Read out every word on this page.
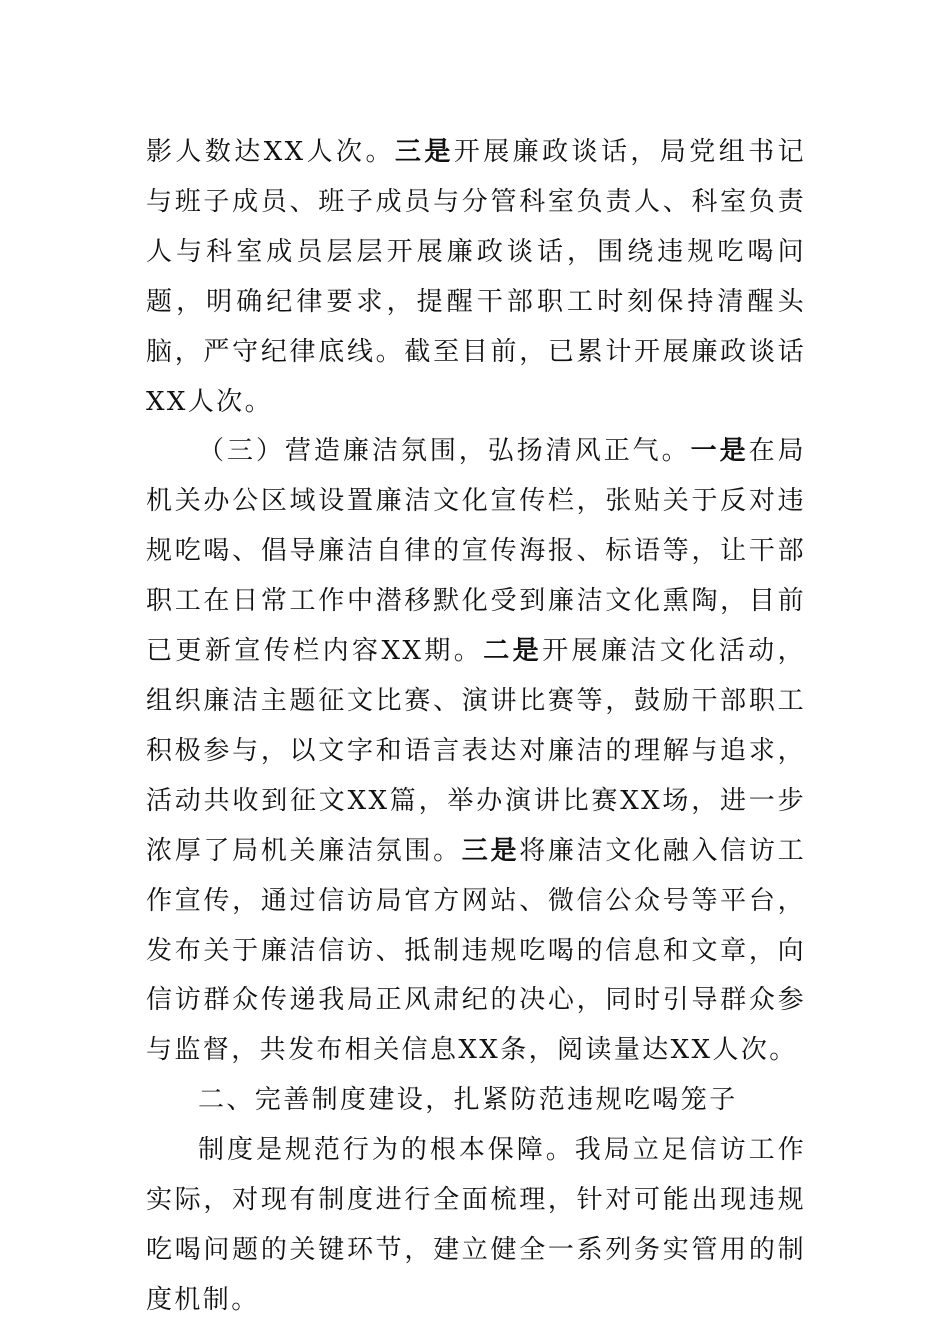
影人数达XX人次。三是开展廉政谈话，局党组书记与班子成员、班子成员与分管科室负责人、科室负责人与科室成员层层开展廉政谈话，围绕违规吃喝问题，明确纪律要求，提醒干部职工时刻保持清醒头脑，严守纪律底线。截至目前，已累计开展廉政谈话XX人次。

（三）营造廉洁氛围，弘扬清风正气。一是在局机关办公区域设置廉洁文化宣传栏，张贴关于反对违规吃喝、倡导廉洁自律的宣传海报、标语等，让干部职工在日常工作中潜移默化受到廉洁文化熏陶，目前已更新宣传栏内容XX期。二是开展廉洁文化活动，组织廉洁主题征文比赛、演讲比赛等，鼓励干部职工积极参与，以文字和语言表达对廉洁的理解与追求，活动共收到征文XX篇，举办演讲比赛XX场，进一步浓厚了局机关廉洁氛围。三是将廉洁文化融入信访工作宣传，通过信访局官方网站、微信公众号等平台，发布关于廉洁信访、抵制违规吃喝的信息和文章，向信访群众传递我局正风肃纪的决心，同时引导群众参与监督，共发布相关信息XX条，阅读量达XX人次。

二、完善制度建设，扎紧防范违规吃喝笼子

制度是规范行为的根本保障。我局立足信访工作实际，对现有制度进行全面梳理，针对可能出现违规吃喝问题的关键环节，建立健全一系列务实管用的制度机制。
